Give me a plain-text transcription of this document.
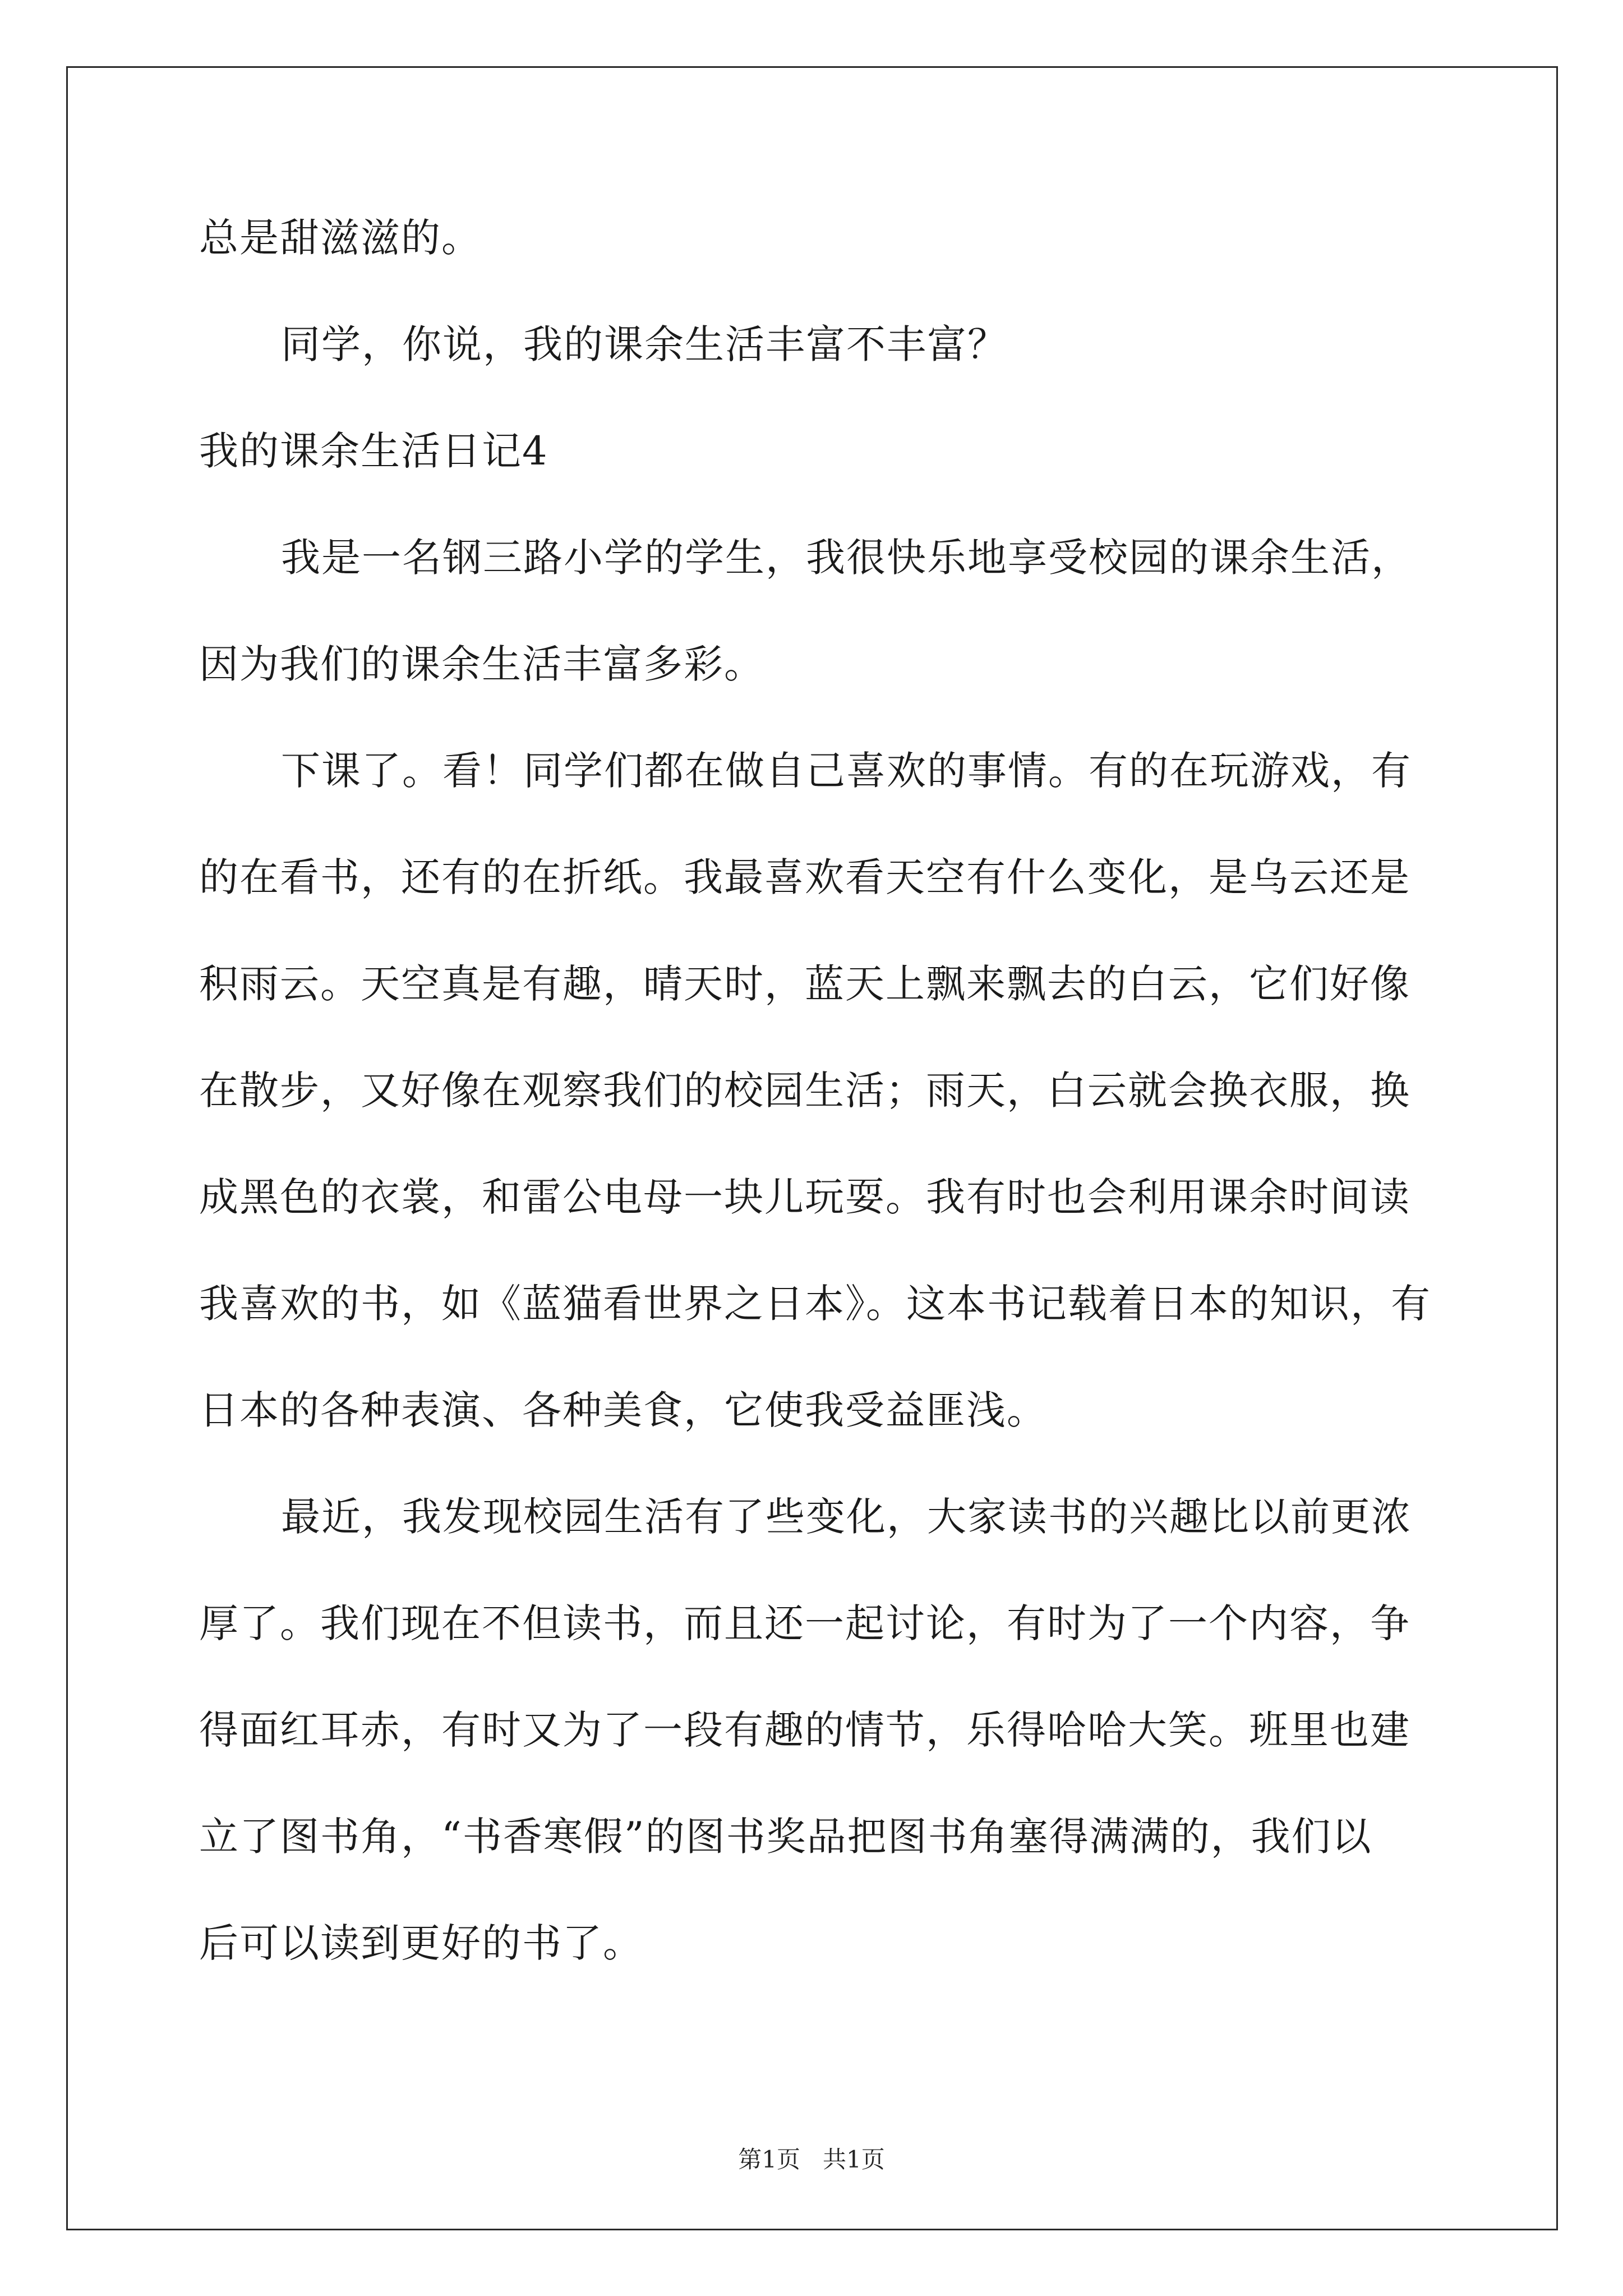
总是甜滋滋的。

同学，你说，我的课余生活丰富不丰富？

我的课余生活日记4

我是一名钢三路小学的学生，我很快乐地享受校园的课余生活，

因为我们的课余生活丰富多彩。

下课了。看！同学们都在做自己喜欢的事情。有的在玩游戏，有

的在看书，还有的在折纸。我最喜欢看天空有什么变化，是乌云还是

积雨云。天空真是有趣，晴天时，蓝天上飘来飘去的白云，它们好像

在散步，又好像在观察我们的校园生活；雨天，白云就会换衣服，换

成黑色的衣裳，和雷公电母一块儿玩耍。我有时也会利用课余时间读

我喜欢的书，如《蓝猫看世界之日本》。这本书记载着日本的知识，有

日本的各种表演、各种美食，它使我受益匪浅。

最近，我发现校园生活有了些变化，大家读书的兴趣比以前更浓

厚了。我们现在不但读书，而且还一起讨论，有时为了一个内容，争

得面红耳赤，有时又为了一段有趣的情节，乐得哈哈大笑。班里也建

立了图书角，“书香寒假”的图书奖品把图书角塞得满满的，我们以

后可以读到更好的书了。

第1页 共1页
